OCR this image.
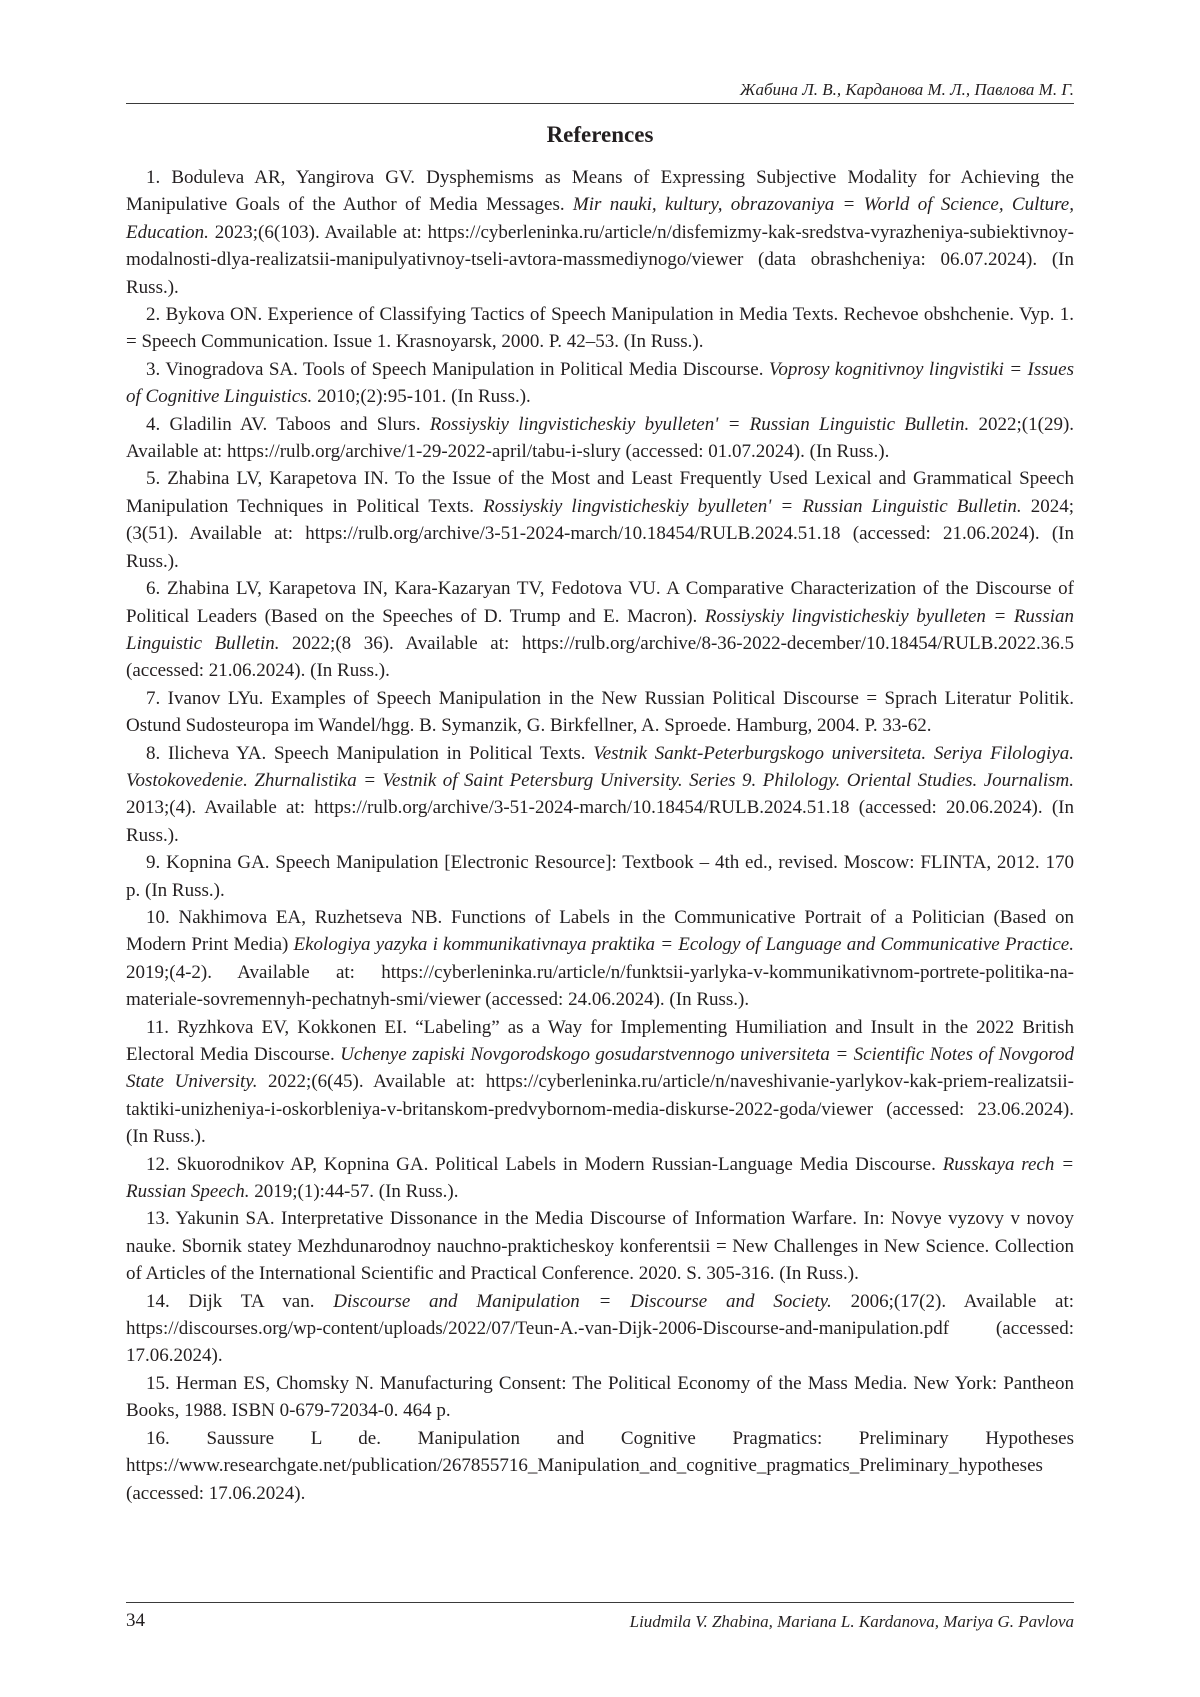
Жабина Л. В., Карданова М. Л., Павлова М. Г.
References

1. Boduleva AR, Yangirova GV. Dysphemisms as Means of Expressing Subjective Modality for Achieving the Manipulative Goals of the Author of Media Messages. Mir nauki, kultury, obrazovaniya = World of Science, Culture, Education. 2023;(6(103). Available at: https://cyberleninka.ru/article/n/disfemizmy-kak-sredstva-vyrazheniya-subiektivnoy-modalnosti-dlya-realizatsii-manipulyativnoy-tseli-avtora-massmediynogo/viewer (data obrashcheniya: 06.07.2024). (In Russ.).

2. Bykova ON. Experience of Classifying Tactics of Speech Manipulation in Media Texts. Rechevoe obshchenie. Vyp. 1. = Speech Communication. Issue 1. Krasnoyarsk, 2000. P. 42–53. (In Russ.).

3. Vinogradova SA. Tools of Speech Manipulation in Political Media Discourse. Voprosy kognitivnoy lingvistiki = Issues of Cognitive Linguistics. 2010;(2):95-101. (In Russ.).

4. Gladilin AV. Taboos and Slurs. Rossiyskiy lingvisticheskiy byulleten' = Russian Linguistic Bulletin. 2022;(1(29). Available at: https://rulb.org/archive/1-29-2022-april/tabu-i-slury (accessed: 01.07.2024). (In Russ.).

5. Zhabina LV, Karapetova IN. To the Issue of the Most and Least Frequently Used Lexical and Grammatical Speech Manipulation Techniques in Political Texts. Rossiyskiy lingvisticheskiy byulleten' = Russian Linguistic Bulletin. 2024;(3(51). Available at: https://rulb.org/archive/3-51-2024-march/10.18454/RULB.2024.51.18 (accessed: 21.06.2024). (In Russ.).

6. Zhabina LV, Karapetova IN, Kara-Kazaryan TV, Fedotova VU. A Comparative Characterization of the Discourse of Political Leaders (Based on the Speeches of D. Trump and E. Macron). Rossiyskiy lingvisticheskiy byulleten = Russian Linguistic Bulletin. 2022;(8 36). Available at: https://rulb.org/archive/8-36-2022-december/10.18454/RULB.2022.36.5 (accessed: 21.06.2024). (In Russ.).

7. Ivanov LYu. Examples of Speech Manipulation in the New Russian Political Discourse = Sprach Literatur Politik. Ostund Sudosteuropa im Wandel/hgg. B. Symanzik, G. Birkfellner, A. Sproede. Hamburg, 2004. P. 33-62.

8. Ilicheva YA. Speech Manipulation in Political Texts. Vestnik Sankt-Peterburgskogo universiteta. Seriya Filologiya. Vostokovedenie. Zhurnalistika = Vestnik of Saint Petersburg University. Series 9. Philology. Oriental Studies. Journalism. 2013;(4). Available at: https://rulb.org/archive/3-51-2024-march/10.18454/RULB.2024.51.18 (accessed: 20.06.2024). (In Russ.).

9. Kopnina GA. Speech Manipulation [Electronic Resource]: Textbook – 4th ed., revised. Moscow: FLINTA, 2012. 170 p. (In Russ.).

10. Nakhimova EA, Ruzhetseva NB. Functions of Labels in the Communicative Portrait of a Politician (Based on Modern Print Media) Ekologiya yazyka i kommunikativnaya praktika = Ecology of Language and Communicative Practice. 2019;(4-2). Available at: https://cyberleninka.ru/article/n/funktsii-yarlyka-v-kommunikativnom-portrete-politika-na-materiale-sovremennyh-pechatnyh-smi/viewer (accessed: 24.06.2024). (In Russ.).

11. Ryzhkova EV, Kokkonen EI. “Labeling” as a Way for Implementing Humiliation and Insult in the 2022 British Electoral Media Discourse. Uchenye zapiski Novgorodskogo gosudarstvennogo universiteta = Scientific Notes of Novgorod State University. 2022;(6(45). Available at: https://cyberleninka.ru/article/n/naveshivanie-yarlykov-kak-priem-realizatsii-taktiki-unizheniya-i-oskorbleniya-v-britanskom-predvybornom-media-diskurse-2022-goda/viewer (accessed: 23.06.2024). (In Russ.).

12. Skuorodnikov AP, Kopnina GA. Political Labels in Modern Russian-Language Media Discourse. Russkaya rech = Russian Speech. 2019;(1):44-57. (In Russ.).

13. Yakunin SA. Interpretative Dissonance in the Media Discourse of Information Warfare. In: Novye vyzovy v novoy nauke. Sbornik statey Mezhdunarodnoy nauchno-prakticheskoy konferentsii = New Challenges in New Science. Collection of Articles of the International Scientific and Practical Conference. 2020. S. 305-316. (In Russ.).

14. Dijk TA van. Discourse and Manipulation = Discourse and Society. 2006;(17(2). Available at: https://discourses.org/wp-content/uploads/2022/07/Teun-A.-van-Dijk-2006-Discourse-and-manipulation.pdf (accessed: 17.06.2024).

15. Herman ES, Chomsky N. Manufacturing Consent: The Political Economy of the Mass Media. New York: Pantheon Books, 1988. ISBN 0-679-72034-0. 464 p.

16. Saussure L de. Manipulation and Cognitive Pragmatics: Preliminary Hypotheses https://www.researchgate.net/publication/267855716_Manipulation_and_cognitive_pragmatics_Preliminary_hypotheses (accessed: 17.06.2024).

34	Liudmila V. Zhabina, Mariana L. Kardanova, Mariya G. Pavlova
